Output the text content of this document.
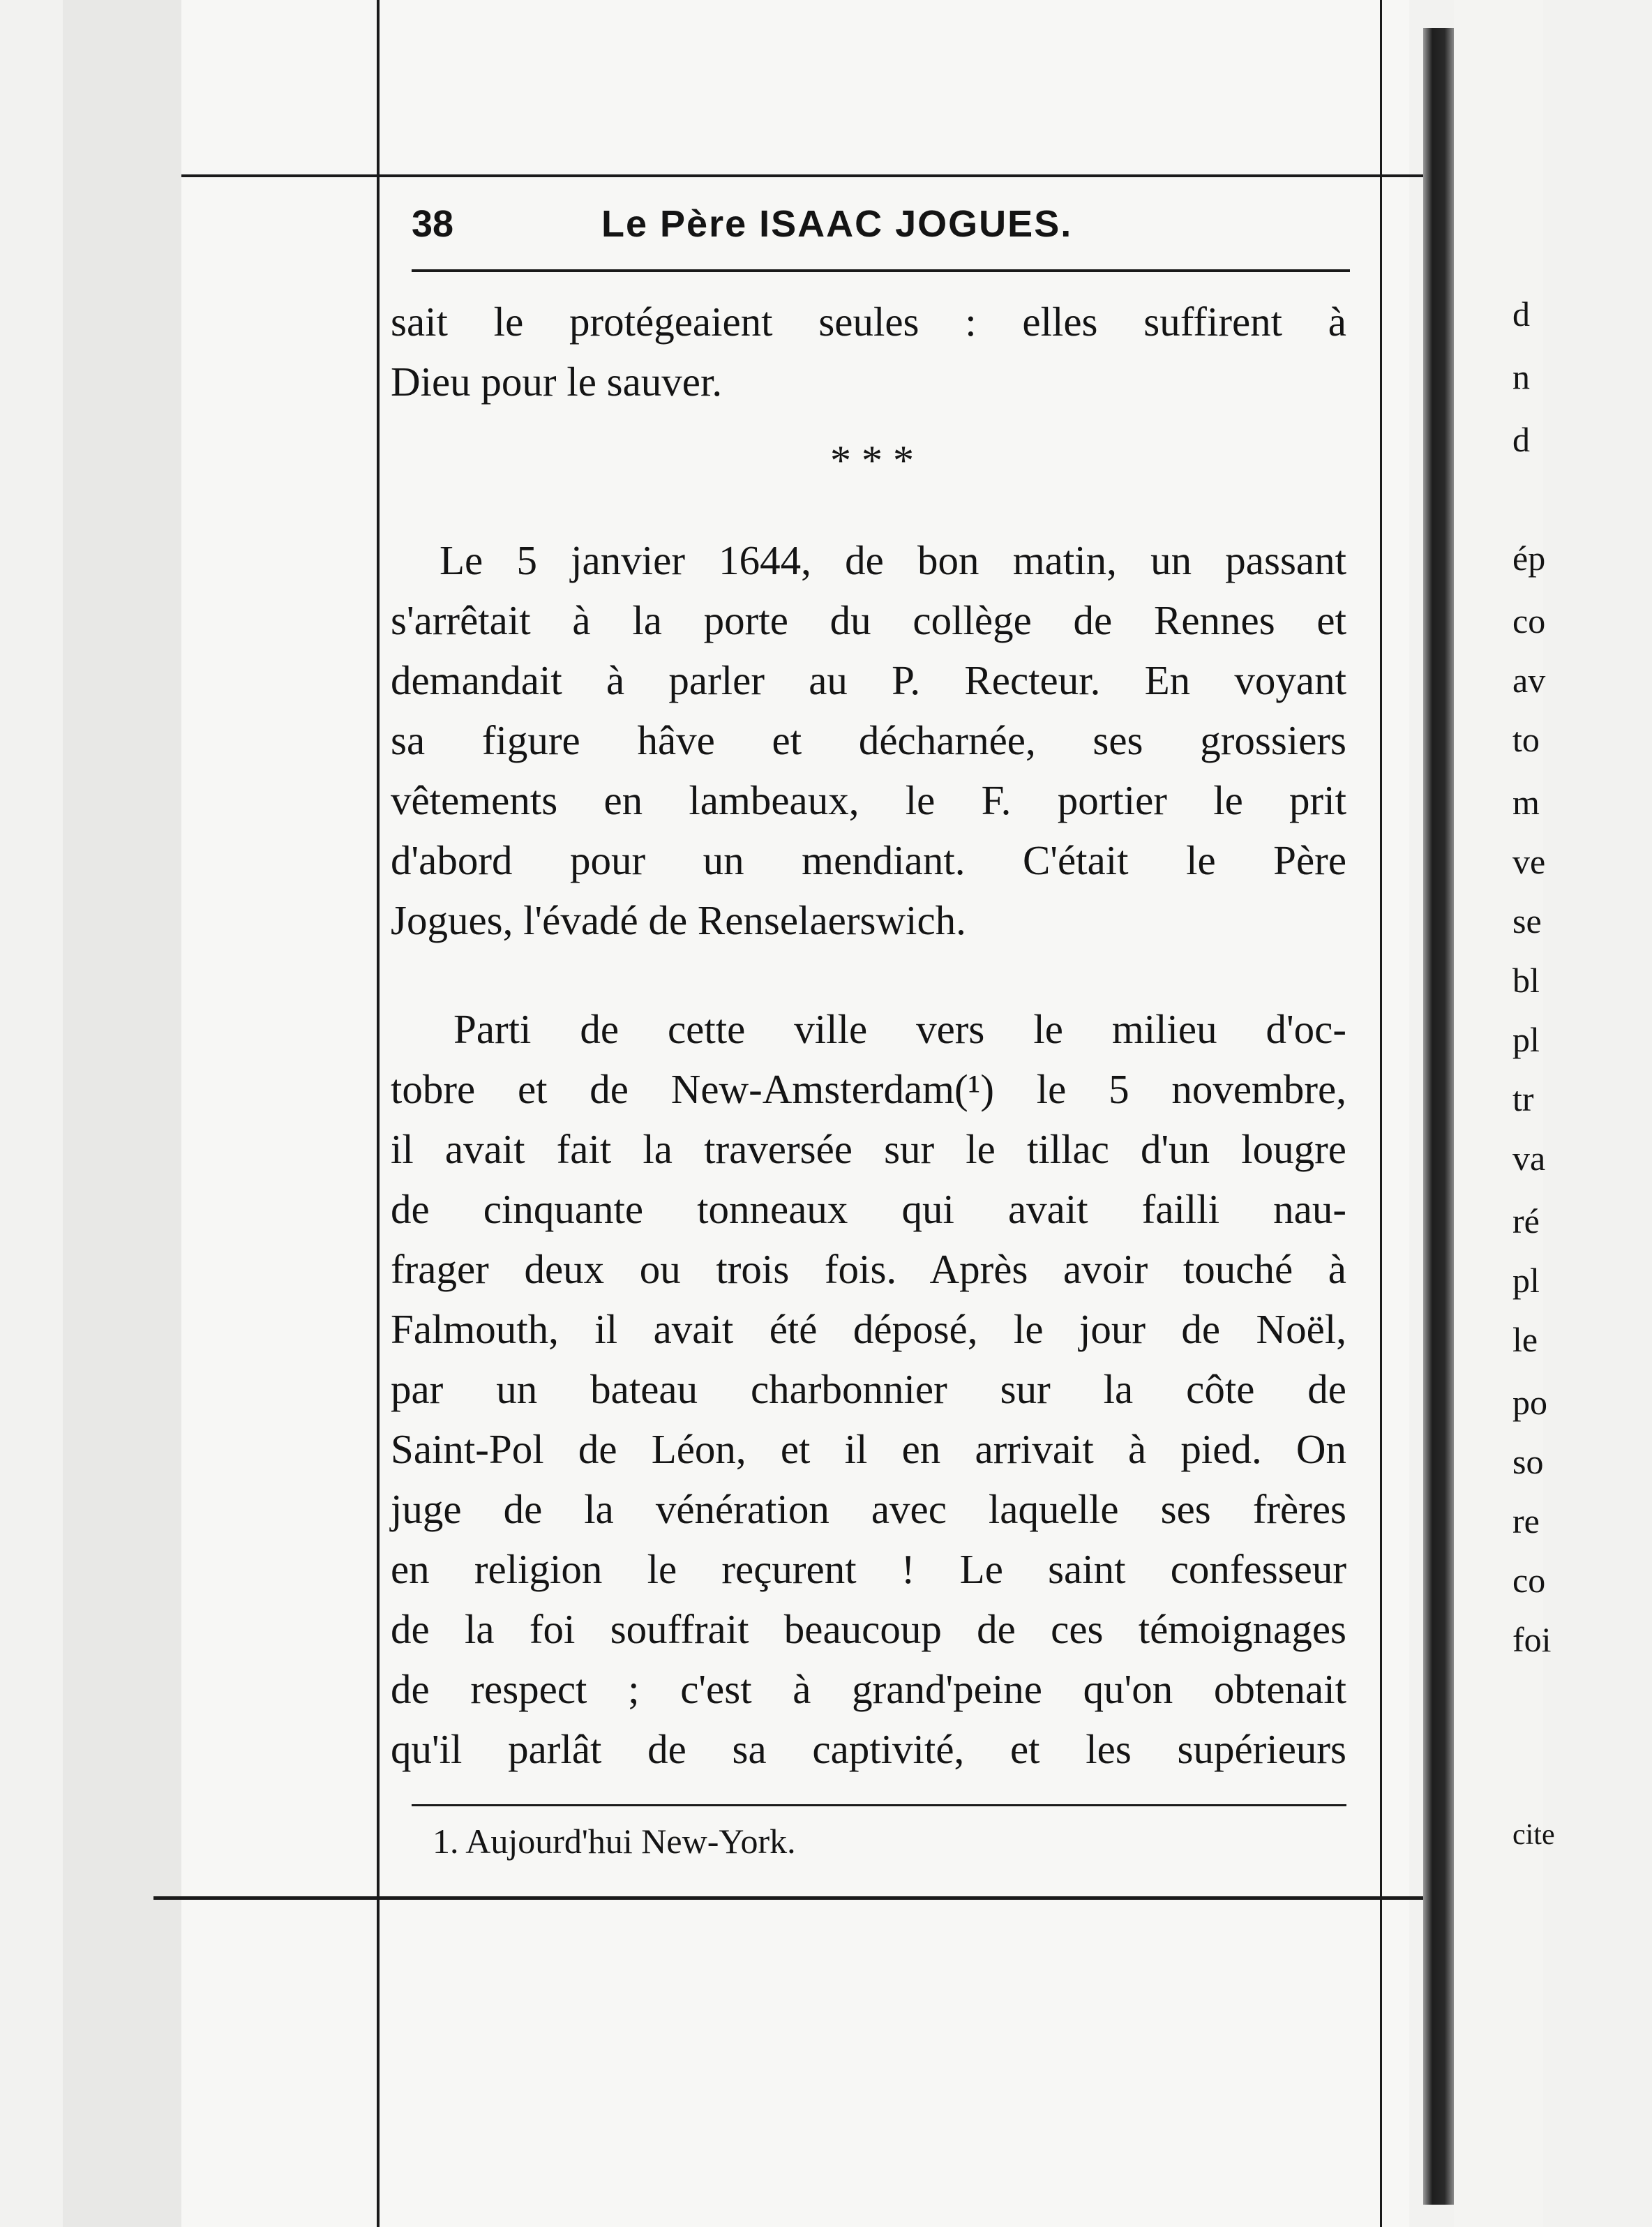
38	Le Père ISAAC JOGUES.
sait le protégeaient seules : elles suffirent à
Dieu pour le sauver.
* * *
Le 5 janvier 1644, de bon matin, un passant
s'arrêtait à la porte du collège de Rennes et
demandait à parler au P. Recteur. En voyant
sa figure hâve et décharnée, ses grossiers
vêtements en lambeaux, le F. portier le prit
d'abord pour un mendiant. C'était le Père
Jogues, l'évadé de Renselaerswich.
Parti de cette ville vers le milieu d'oc-
tobre et de New-Amsterdam(¹) le 5 novembre,
il avait fait la traversée sur le tillac d'un lougre
de cinquante tonneaux qui avait failli nau-
frager deux ou trois fois. Après avoir touché à
Falmouth, il avait été déposé, le jour de Noël,
par un bateau charbonnier sur la côte de
Saint-Pol de Léon, et il en arrivait à pied. On
juge de la vénération avec laquelle ses frères
en religion le reçurent ! Le saint confesseur
de la foi souffrait beaucoup de ces témoignages
de respect ; c'est à grand'peine qu'on obtenait
qu'il parlât de sa captivité, et les supérieurs
1. Aujourd'hui New-York.
d
n
d
ép
co
av
to
m
ve
se
bl
pl
tr
va
ré
pl
le
po
so
re
co
foi
cite
